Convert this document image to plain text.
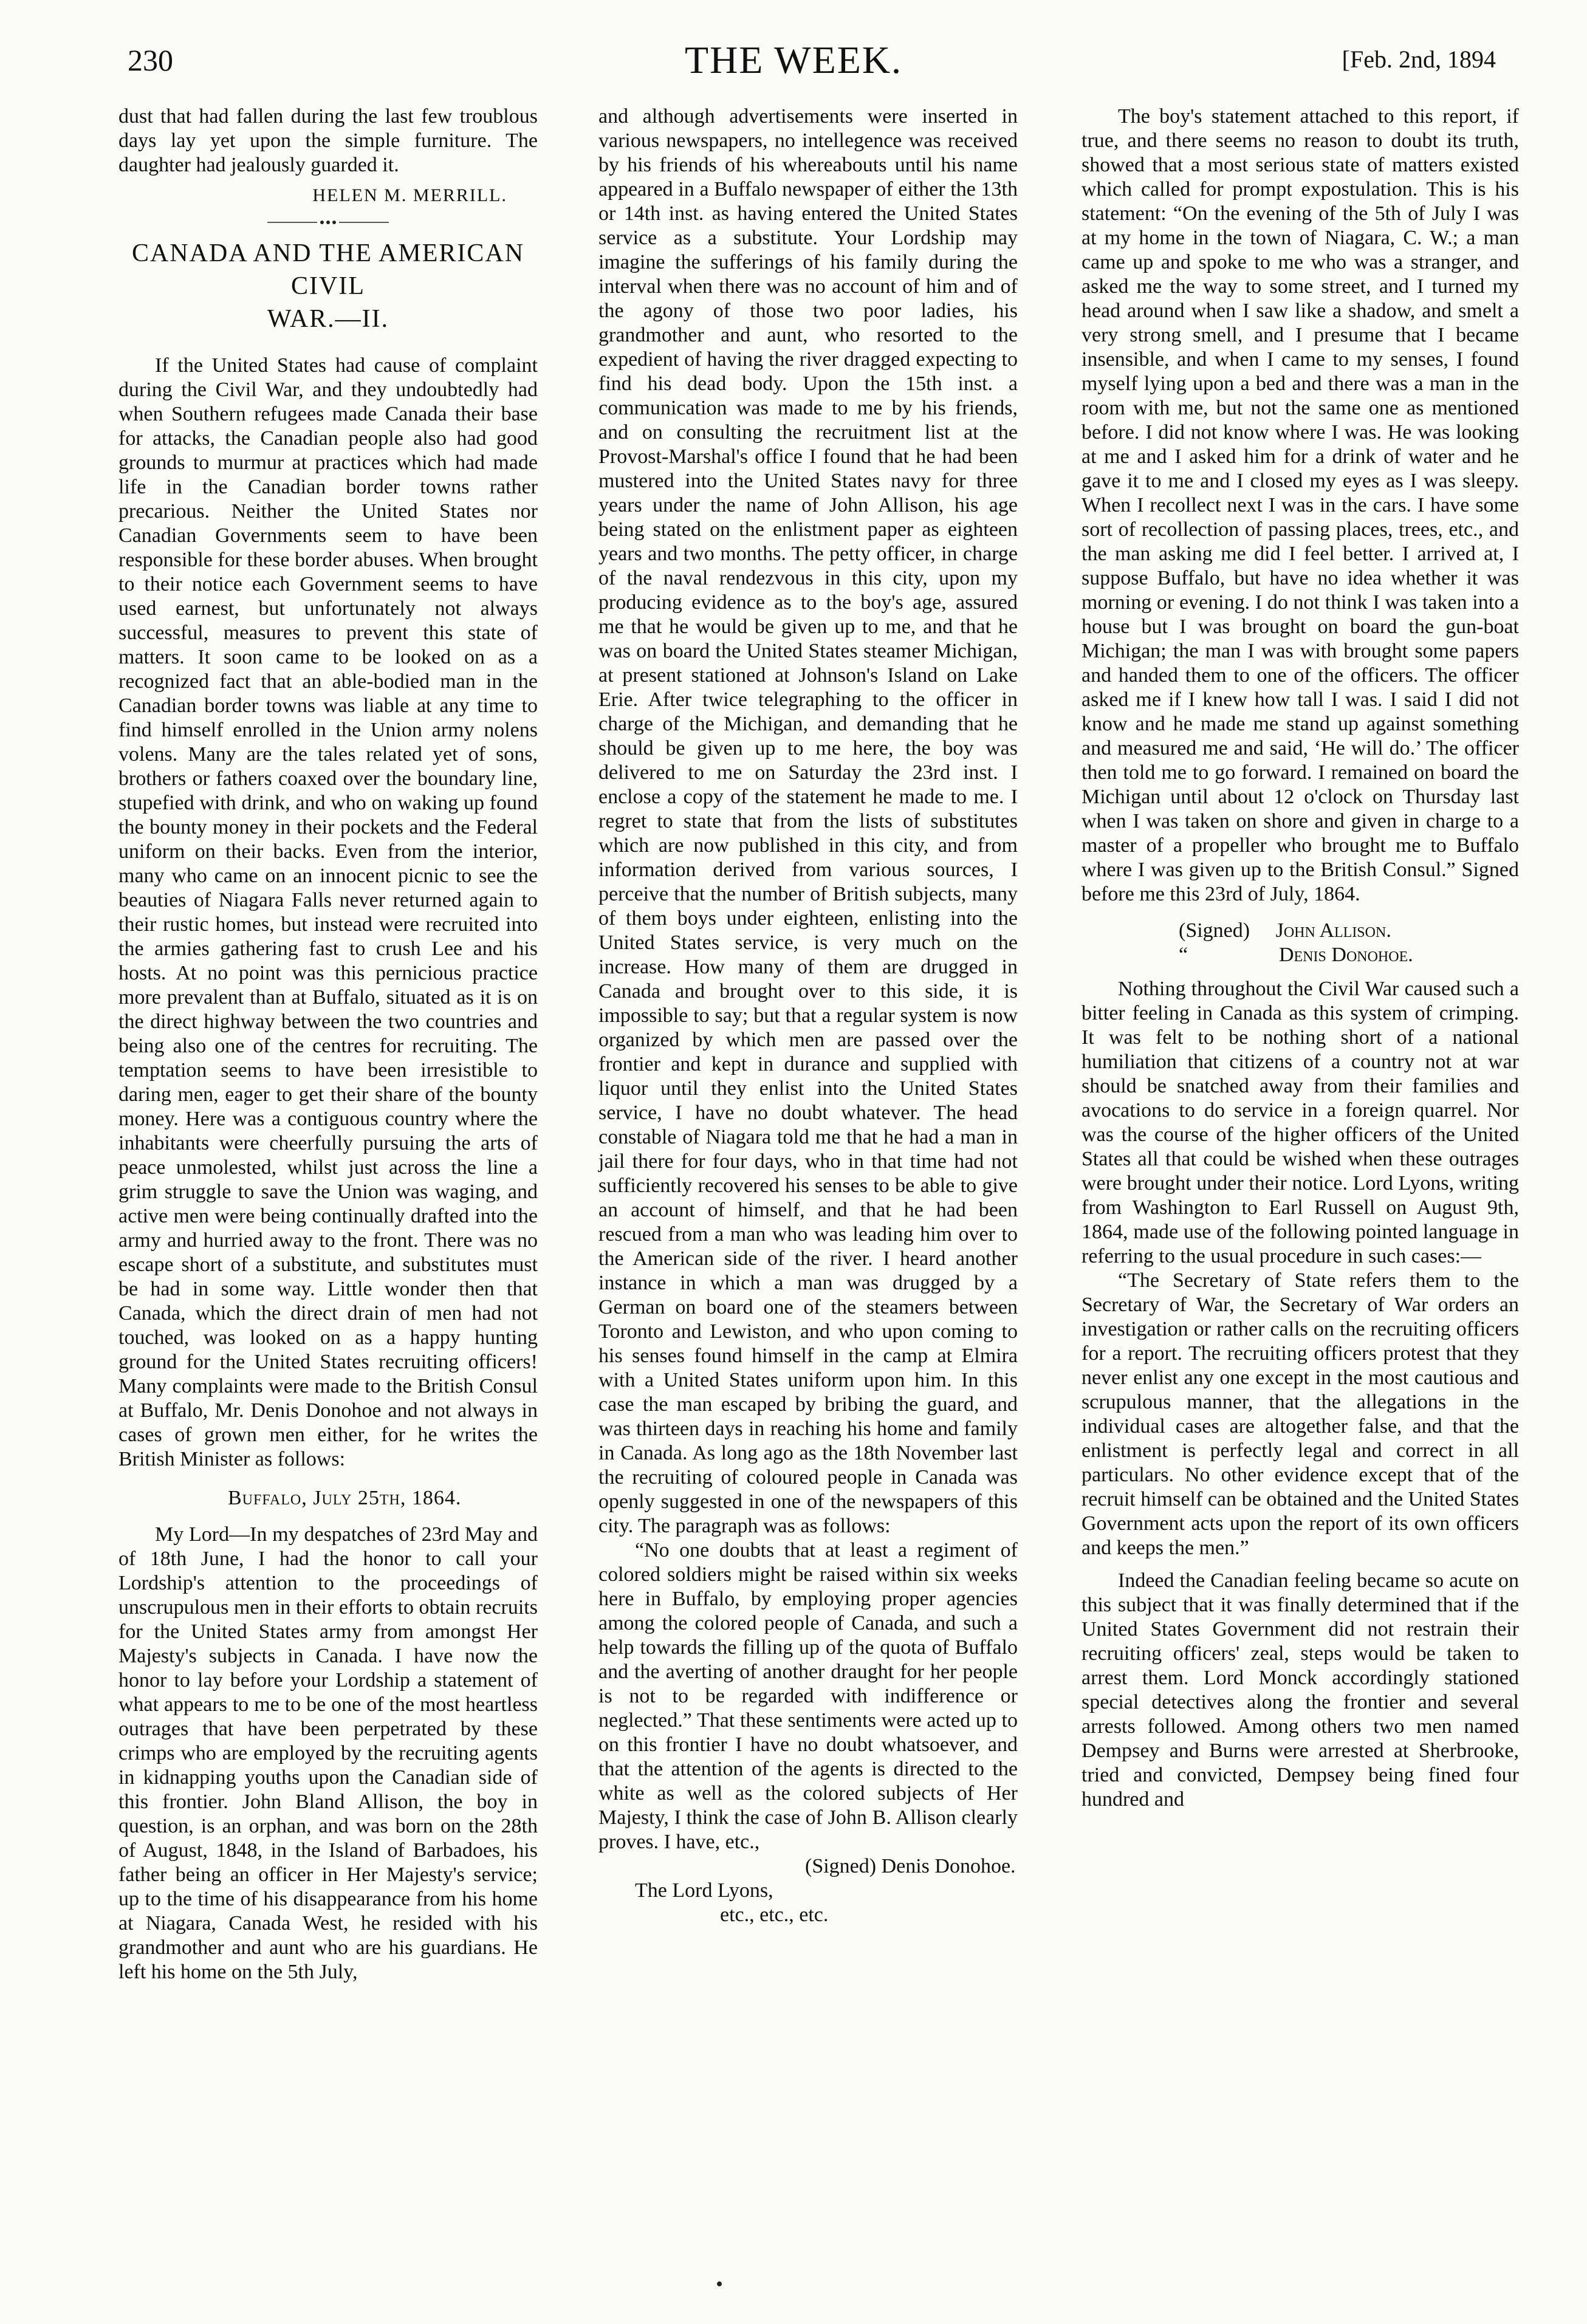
230	THE WEEK.	[Feb. 2nd, 1894

dust that had fallen during the last few troublous days lay yet upon the simple furniture. The daughter had jealously guarded it.

HELEN M. MERRILL.
CANADA AND THE AMERICAN CIVIL
WAR.—II.

If the United States had cause of complaint during the Civil War, and they undoubtedly had when Southern refugees made Canada their base for attacks, the Canadian people also had good grounds to murmur at practices which had made life in the Canadian border towns rather precarious. Neither the United States nor Canadian Governments seem to have been responsible for these border abuses. When brought to their notice each Government seems to have used earnest, but unfortunately not always successful, measures to prevent this state of matters. It soon came to be looked on as a recognized fact that an able-bodied man in the Canadian border towns was liable at any time to find himself enrolled in the Union army nolens volens. Many are the tales related yet of sons, brothers or fathers coaxed over the boundary line, stupefied with drink, and who on waking up found the bounty money in their pockets and the Federal uniform on their backs. Even from the interior, many who came on an innocent picnic to see the beauties of Niagara Falls never returned again to their rustic homes, but instead were recruited into the armies gathering fast to crush Lee and his hosts. At no point was this pernicious practice more prevalent than at Buffalo, situated as it is on the direct highway between the two countries and being also one of the centres for recruiting. The temptation seems to have been irresistible to daring men, eager to get their share of the bounty money. Here was a contiguous country where the inhabitants were cheerfully pursuing the arts of peace unmolested, whilst just across the line a grim struggle to save the Union was waging, and active men were being continually drafted into the army and hurried away to the front. There was no escape short of a substitute, and substitutes must be had in some way. Little wonder then that Canada, which the direct drain of men had not touched, was looked on as a happy hunting ground for the United States recruiting officers! Many complaints were made to the British Consul at Buffalo, Mr. Denis Donohoe and not always in cases of grown men either, for he writes the British Minister as follows:

Buffalo, July 25th, 1864.

My Lord—In my despatches of 23rd May and of 18th June, I had the honor to call your Lordship's attention to the proceedings of unscrupulous men in their efforts to obtain recruits for the United States army from amongst Her Majesty's subjects in Canada. I have now the honor to lay before your Lordship a statement of what appears to me to be one of the most heartless outrages that have been perpetrated by these crimps who are employed by the recruiting agents in kidnapping youths upon the Canadian side of this frontier. John Bland Allison, the boy in question, is an orphan, and was born on the 28th of August, 1848, in the Island of Barbadoes, his father being an officer in Her Majesty's service; up to the time of his disappearance from his home at Niagara, Canada West, he resided with his grandmother and aunt who are his guardians. He left his home on the 5th July,

and although advertisements were inserted in various newspapers, no intellegence was received by his friends of his whereabouts until his name appeared in a Buffalo newspaper of either the 13th or 14th inst. as having entered the United States service as a substitute. Your Lordship may imagine the sufferings of his family during the interval when there was no account of him and of the agony of those two poor ladies, his grandmother and aunt, who resorted to the expedient of having the river dragged expecting to find his dead body. Upon the 15th inst. a communication was made to me by his friends, and on consulting the recruitment list at the Provost-Marshal's office I found that he had been mustered into the United States navy for three years under the name of John Allison, his age being stated on the enlistment paper as eighteen years and two months. The petty officer, in charge of the naval rendezvous in this city, upon my producing evidence as to the boy's age, assured me that he would be given up to me, and that he was on board the United States steamer Michigan, at present stationed at Johnson's Island on Lake Erie. After twice telegraphing to the officer in charge of the Michigan, and demanding that he should be given up to me here, the boy was delivered to me on Saturday the 23rd inst. I enclose a copy of the statement he made to me. I regret to state that from the lists of substitutes which are now published in this city, and from information derived from various sources, I perceive that the number of British subjects, many of them boys under eighteen, enlisting into the United States service, is very much on the increase. How many of them are drugged in Canada and brought over to this side, it is impossible to say; but that a regular system is now organized by which men are passed over the frontier and kept in durance and supplied with liquor until they enlist into the United States service, I have no doubt whatever. The head constable of Niagara told me that he had a man in jail there for four days, who in that time had not sufficiently recovered his senses to be able to give an account of himself, and that he had been rescued from a man who was leading him over to the American side of the river. I heard another instance in which a man was drugged by a German on board one of the steamers between Toronto and Lewiston, and who upon coming to his senses found himself in the camp at Elmira with a United States uniform upon him. In this case the man escaped by bribing the guard, and was thirteen days in reaching his home and family in Canada. As long ago as the 18th November last the recruiting of coloured people in Canada was openly suggested in one of the newspapers of this city. The paragraph was as follows:

“No one doubts that at least a regiment of colored soldiers might be raised within six weeks here in Buffalo, by employing proper agencies among the colored people of Canada, and such a help towards the filling up of the quota of Buffalo and the averting of another draught for her people is not to be regarded with indifference or neglected.” That these sentiments were acted up to on this frontier I have no doubt whatsoever, and that the attention of the agents is directed to the white as well as the colored subjects of Her Majesty, I think the case of John B. Allison clearly proves. I have, etc.,

(Signed) Denis Donohoe.

The Lord Lyons,

etc., etc., etc.

The boy's statement attached to this report, if true, and there seems no reason to doubt its truth, showed that a most serious state of matters existed which called for prompt expostulation. This is his statement: “On the evening of the 5th of July I was at my home in the town of Niagara, C. W.; a man came up and spoke to me who was a stranger, and asked me the way to some street, and I turned my head around when I saw like a shadow, and smelt a very strong smell, and I presume that I became insensible, and when I came to my senses, I found myself lying upon a bed and there was a man in the room with me, but not the same one as mentioned before. I did not know where I was. He was looking at me and I asked him for a drink of water and he gave it to me and I closed my eyes as I was sleepy. When I recollect next I was in the cars. I have some sort of recollection of passing places, trees, etc., and the man asking me did I feel better. I arrived at, I suppose Buffalo, but have no idea whether it was morning or evening. I do not think I was taken into a house but I was brought on board the gun-boat Michigan; the man I was with brought some papers and handed them to one of the officers. The officer asked me if I knew how tall I was. I said I did not know and he made me stand up against something and measured me and said, ‘He will do.’ The officer then told me to go forward. I remained on board the Michigan until about 12 o'clock on Thursday last when I was taken on shore and given in charge to a master of a propeller who brought me to Buffalo where I was given up to the British Consul.” Signed before me this 23rd of July, 1864.

(Signed) John Allison.
“	Denis Donohoe.

Nothing throughout the Civil War caused such a bitter feeling in Canada as this system of crimping. It was felt to be nothing short of a national humiliation that citizens of a country not at war should be snatched away from their families and avocations to do service in a foreign quarrel. Nor was the course of the higher officers of the United States all that could be wished when these outrages were brought under their notice. Lord Lyons, writing from Washington to Earl Russell on August 9th, 1864, made use of the following pointed language in referring to the usual procedure in such cases:—

“The Secretary of State refers them to the Secretary of War, the Secretary of War orders an investigation or rather calls on the recruiting officers for a report. The recruiting officers protest that they never enlist any one except in the most cautious and scrupulous manner, that the allegations in the individual cases are altogether false, and that the enlistment is perfectly legal and correct in all particulars. No other evidence except that of the recruit himself can be obtained and the United States Government acts upon the report of its own officers and keeps the men.”

Indeed the Canadian feeling became so acute on this subject that it was finally determined that if the United States Government did not restrain their recruiting officers' zeal, steps would be taken to arrest them. Lord Monck accordingly stationed special detectives along the frontier and several arrests followed. Among others two men named Dempsey and Burns were arrested at Sherbrooke, tried and convicted, Dempsey being fined four hundred and
